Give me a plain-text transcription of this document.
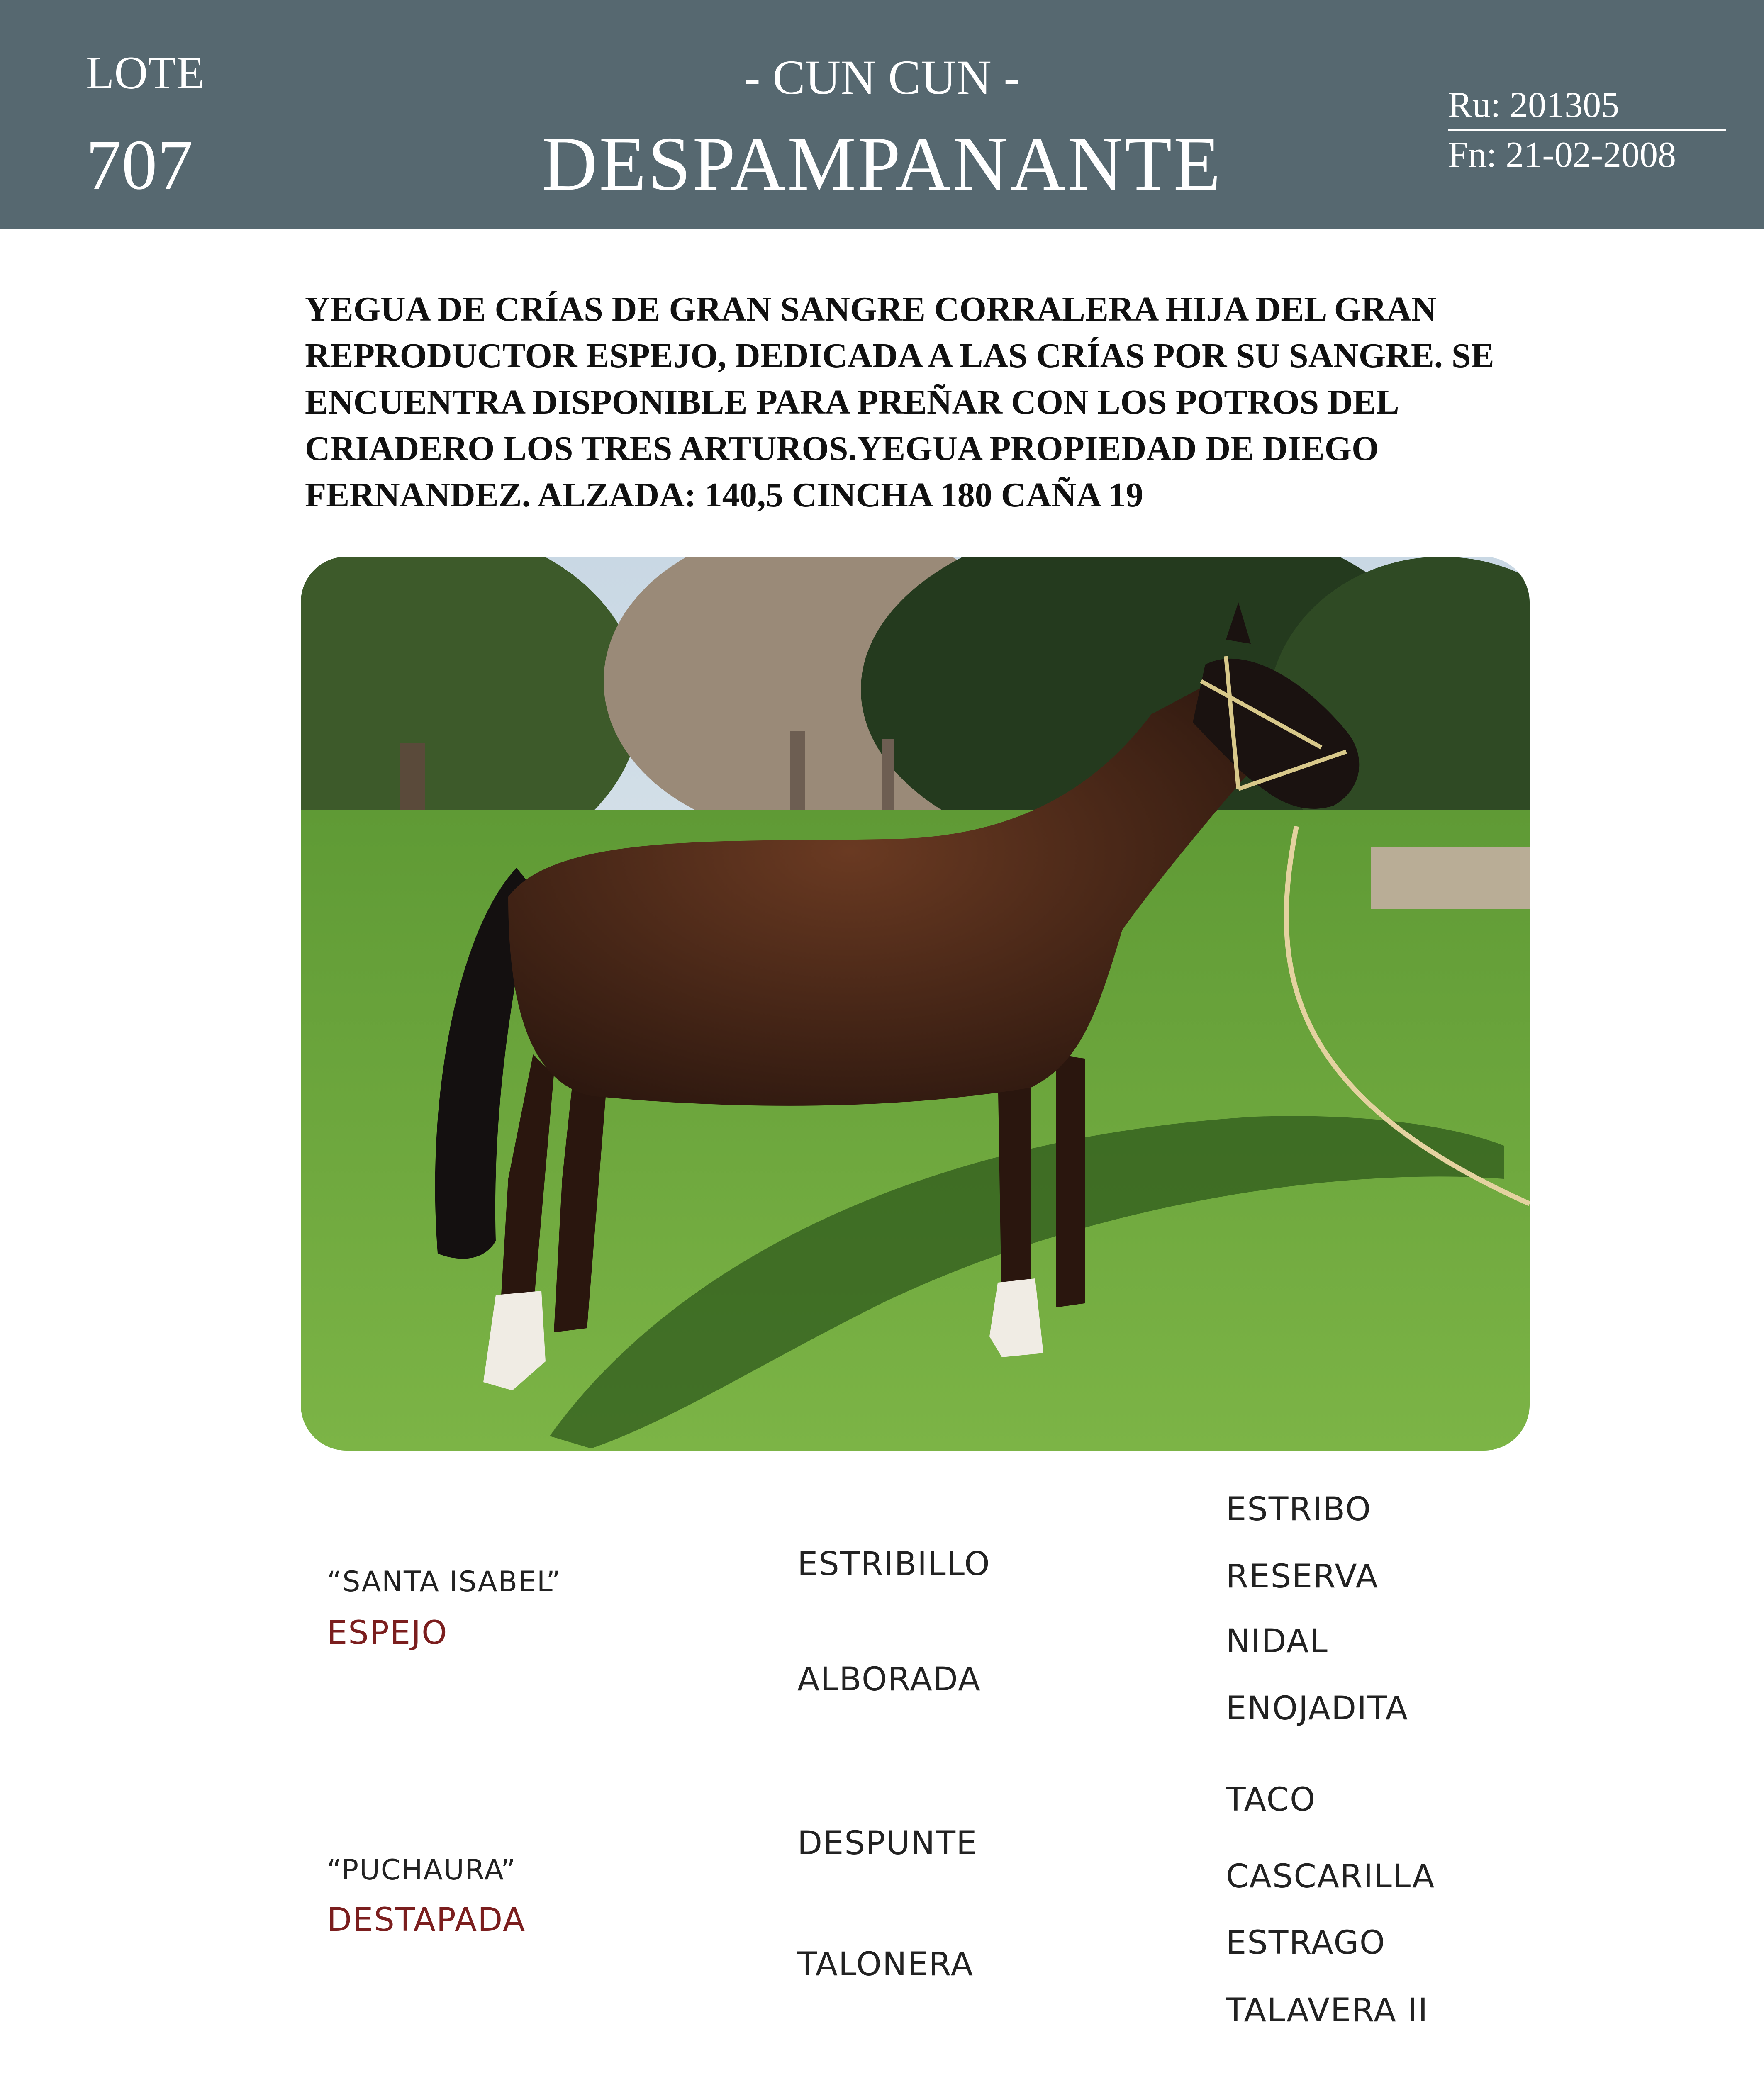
LOTE
707
- CUN CUN -
DESPAMPANANTE
Ru: 201305
Fn: 21-02-2008
YEGUA DE CRÍAS DE GRAN SANGRE CORRALERA HIJA DEL GRAN REPRODUCTOR ESPEJO, DEDICADA A LAS CRÍAS POR SU SANGRE. SE ENCUENTRA DISPONIBLE PARA PREÑAR CON LOS POTROS DEL CRIADERO LOS TRES ARTUROS.YEGUA PROPIEDAD DE DIEGO FERNANDEZ. ALZADA: 140,5 CINCHA 180 CAÑA 19
“SANTA ISABEL”
ESPEJO
ESTRIBILLO
ALBORADA
ESTRIBO
RESERVA
NIDAL
ENOJADITA
“PUCHAURA”
DESTAPADA
DESPUNTE
TALONERA
TACO
CASCARILLA
ESTRAGO
TALAVERA II
